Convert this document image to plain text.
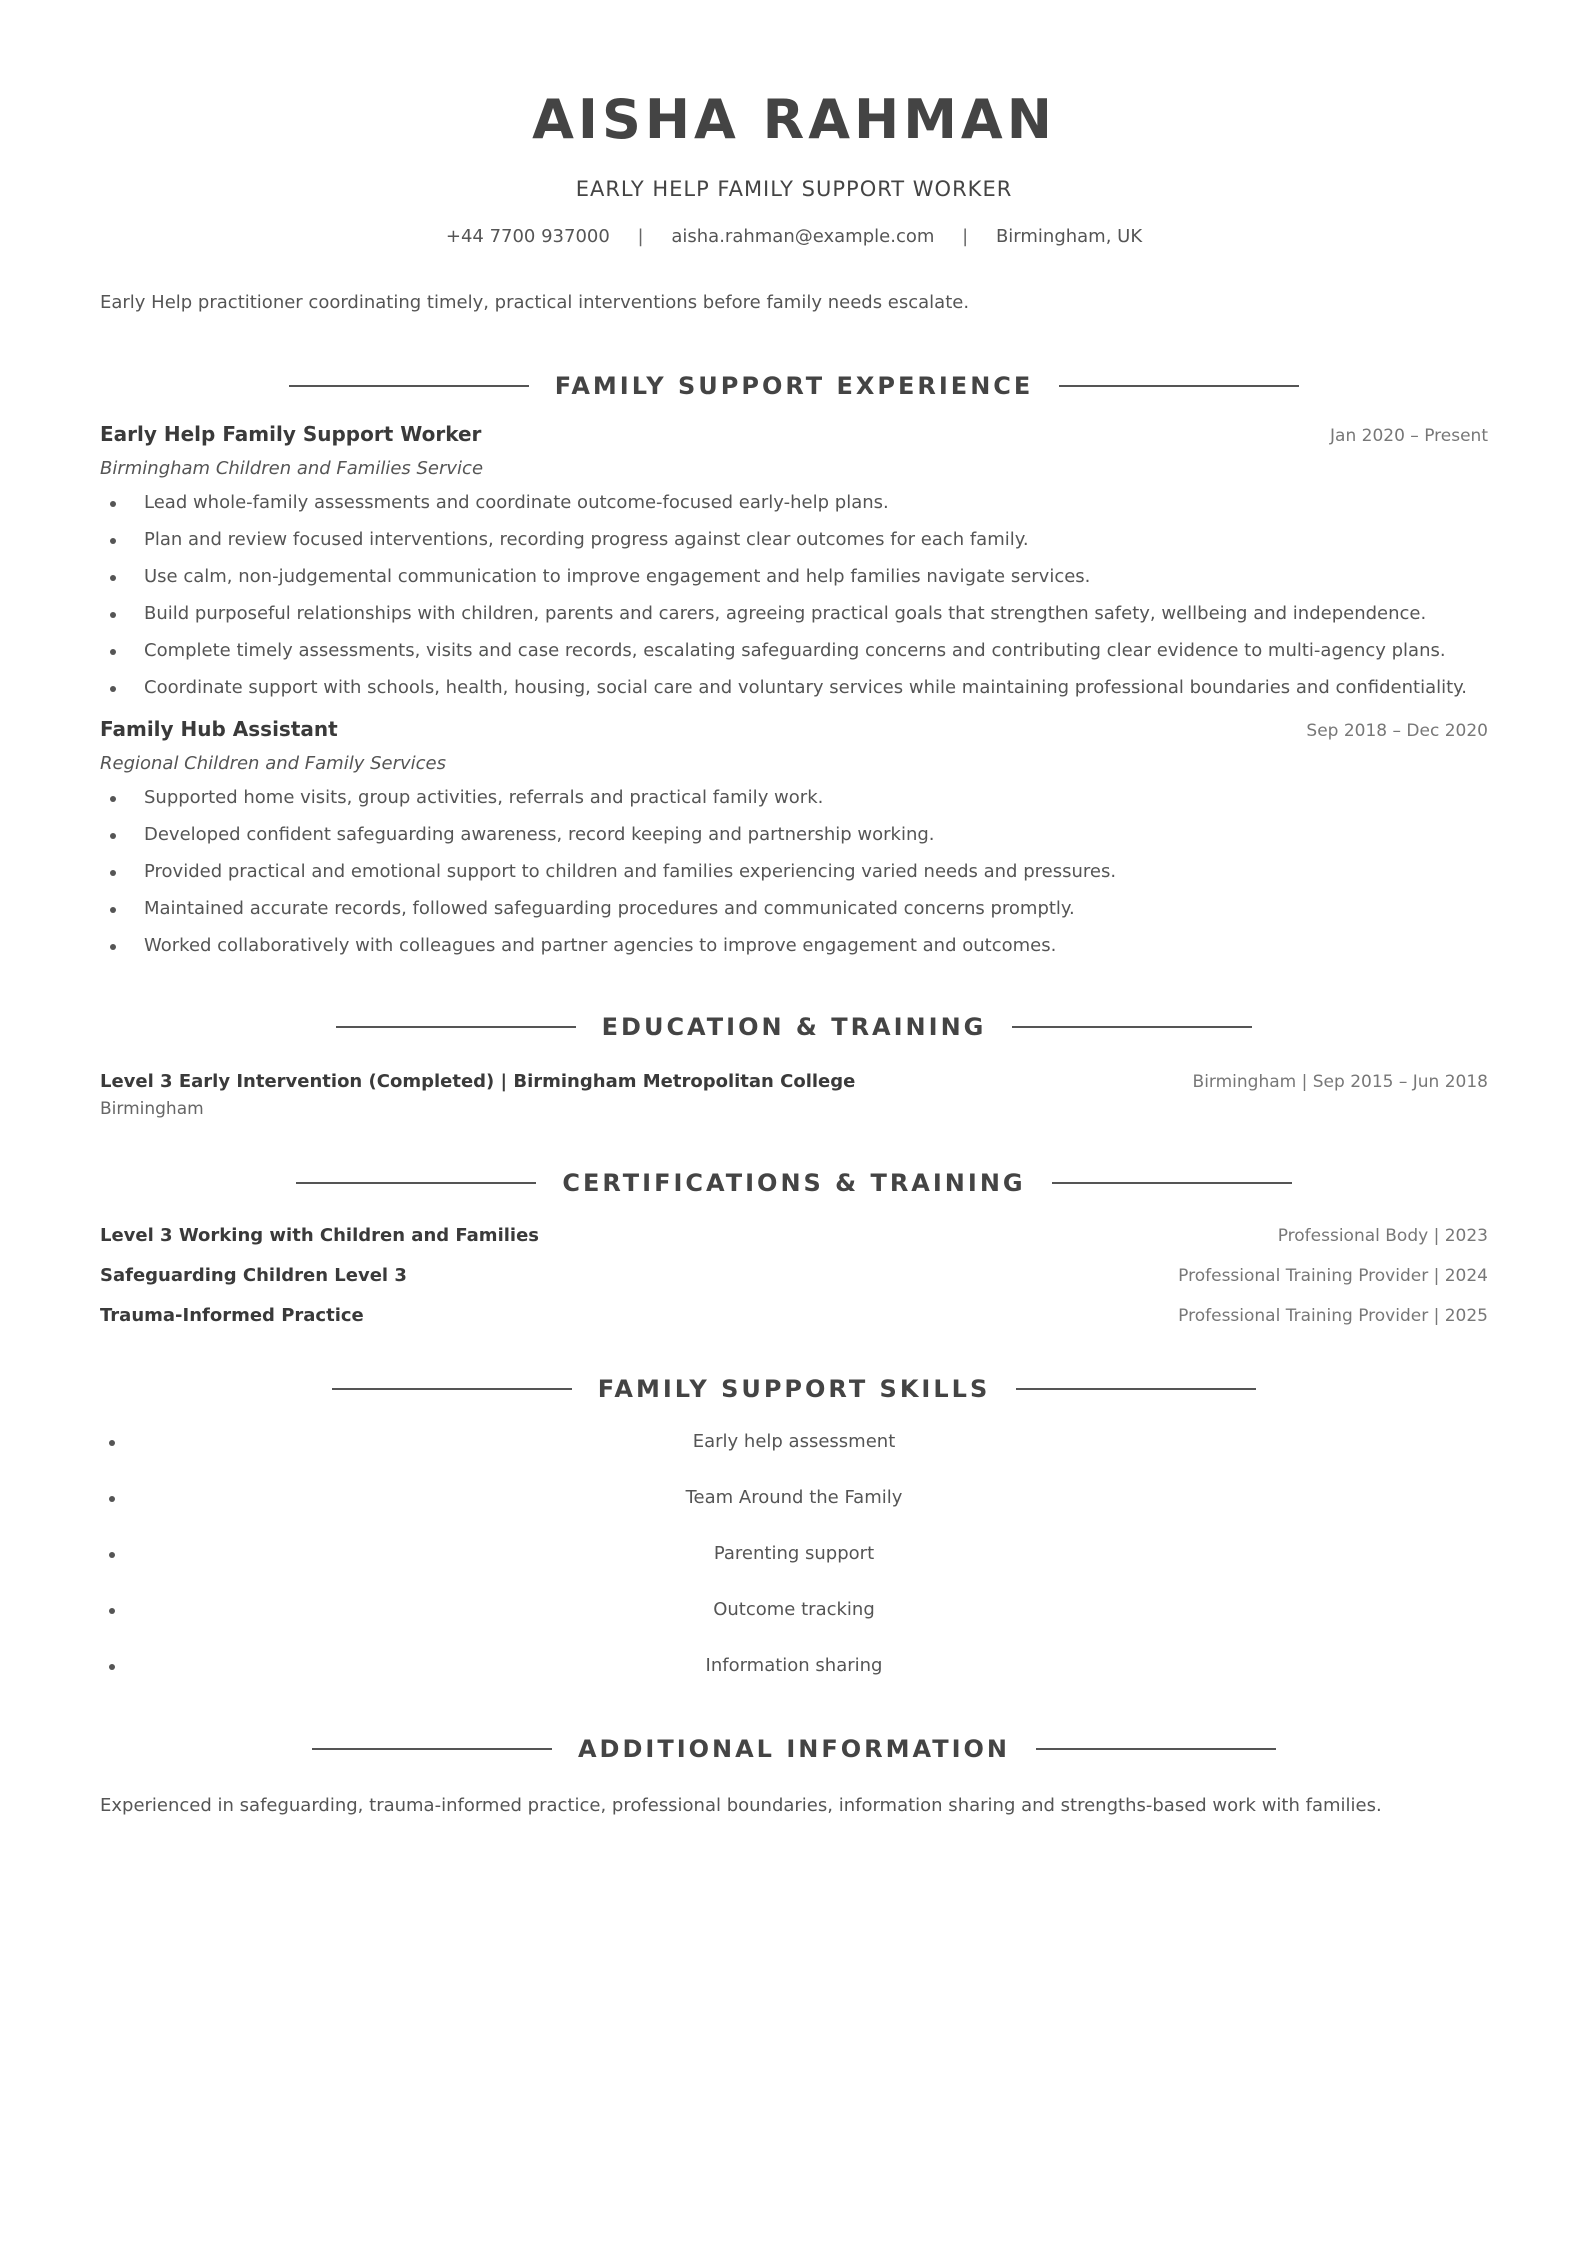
AISHA RAHMAN
EARLY HELP FAMILY SUPPORT WORKER
+44 7700 937000 | aisha.rahman@example.com | Birmingham, UK
Early Help practitioner coordinating timely, practical interventions before family needs escalate.
FAMILY SUPPORT EXPERIENCE
Early Help Family Support Worker	Jan 2020 – Present
Birmingham Children and Families Service
Lead whole-family assessments and coordinate outcome-focused early-help plans.
Plan and review focused interventions, recording progress against clear outcomes for each family.
Use calm, non-judgemental communication to improve engagement and help families navigate services.
Build purposeful relationships with children, parents and carers, agreeing practical goals that strengthen safety, wellbeing and independence.
Complete timely assessments, visits and case records, escalating safeguarding concerns and contributing clear evidence to multi-agency plans.
Coordinate support with schools, health, housing, social care and voluntary services while maintaining professional boundaries and confidentiality.
Family Hub Assistant	Sep 2018 – Dec 2020
Regional Children and Family Services
Supported home visits, group activities, referrals and practical family work.
Developed confident safeguarding awareness, record keeping and partnership working.
Provided practical and emotional support to children and families experiencing varied needs and pressures.
Maintained accurate records, followed safeguarding procedures and communicated concerns promptly.
Worked collaboratively with colleagues and partner agencies to improve engagement and outcomes.
EDUCATION & TRAINING
Level 3 Early Intervention (Completed) | Birmingham Metropolitan College	Birmingham | Sep 2015 – Jun 2018
Birmingham
CERTIFICATIONS & TRAINING
Level 3 Working with Children and Families	Professional Body | 2023
Safeguarding Children Level 3	Professional Training Provider | 2024
Trauma-Informed Practice	Professional Training Provider | 2025
FAMILY SUPPORT SKILLS
Early help assessment
Team Around the Family
Parenting support
Outcome tracking
Information sharing
ADDITIONAL INFORMATION
Experienced in safeguarding, trauma-informed practice, professional boundaries, information sharing and strengths-based work with families.
